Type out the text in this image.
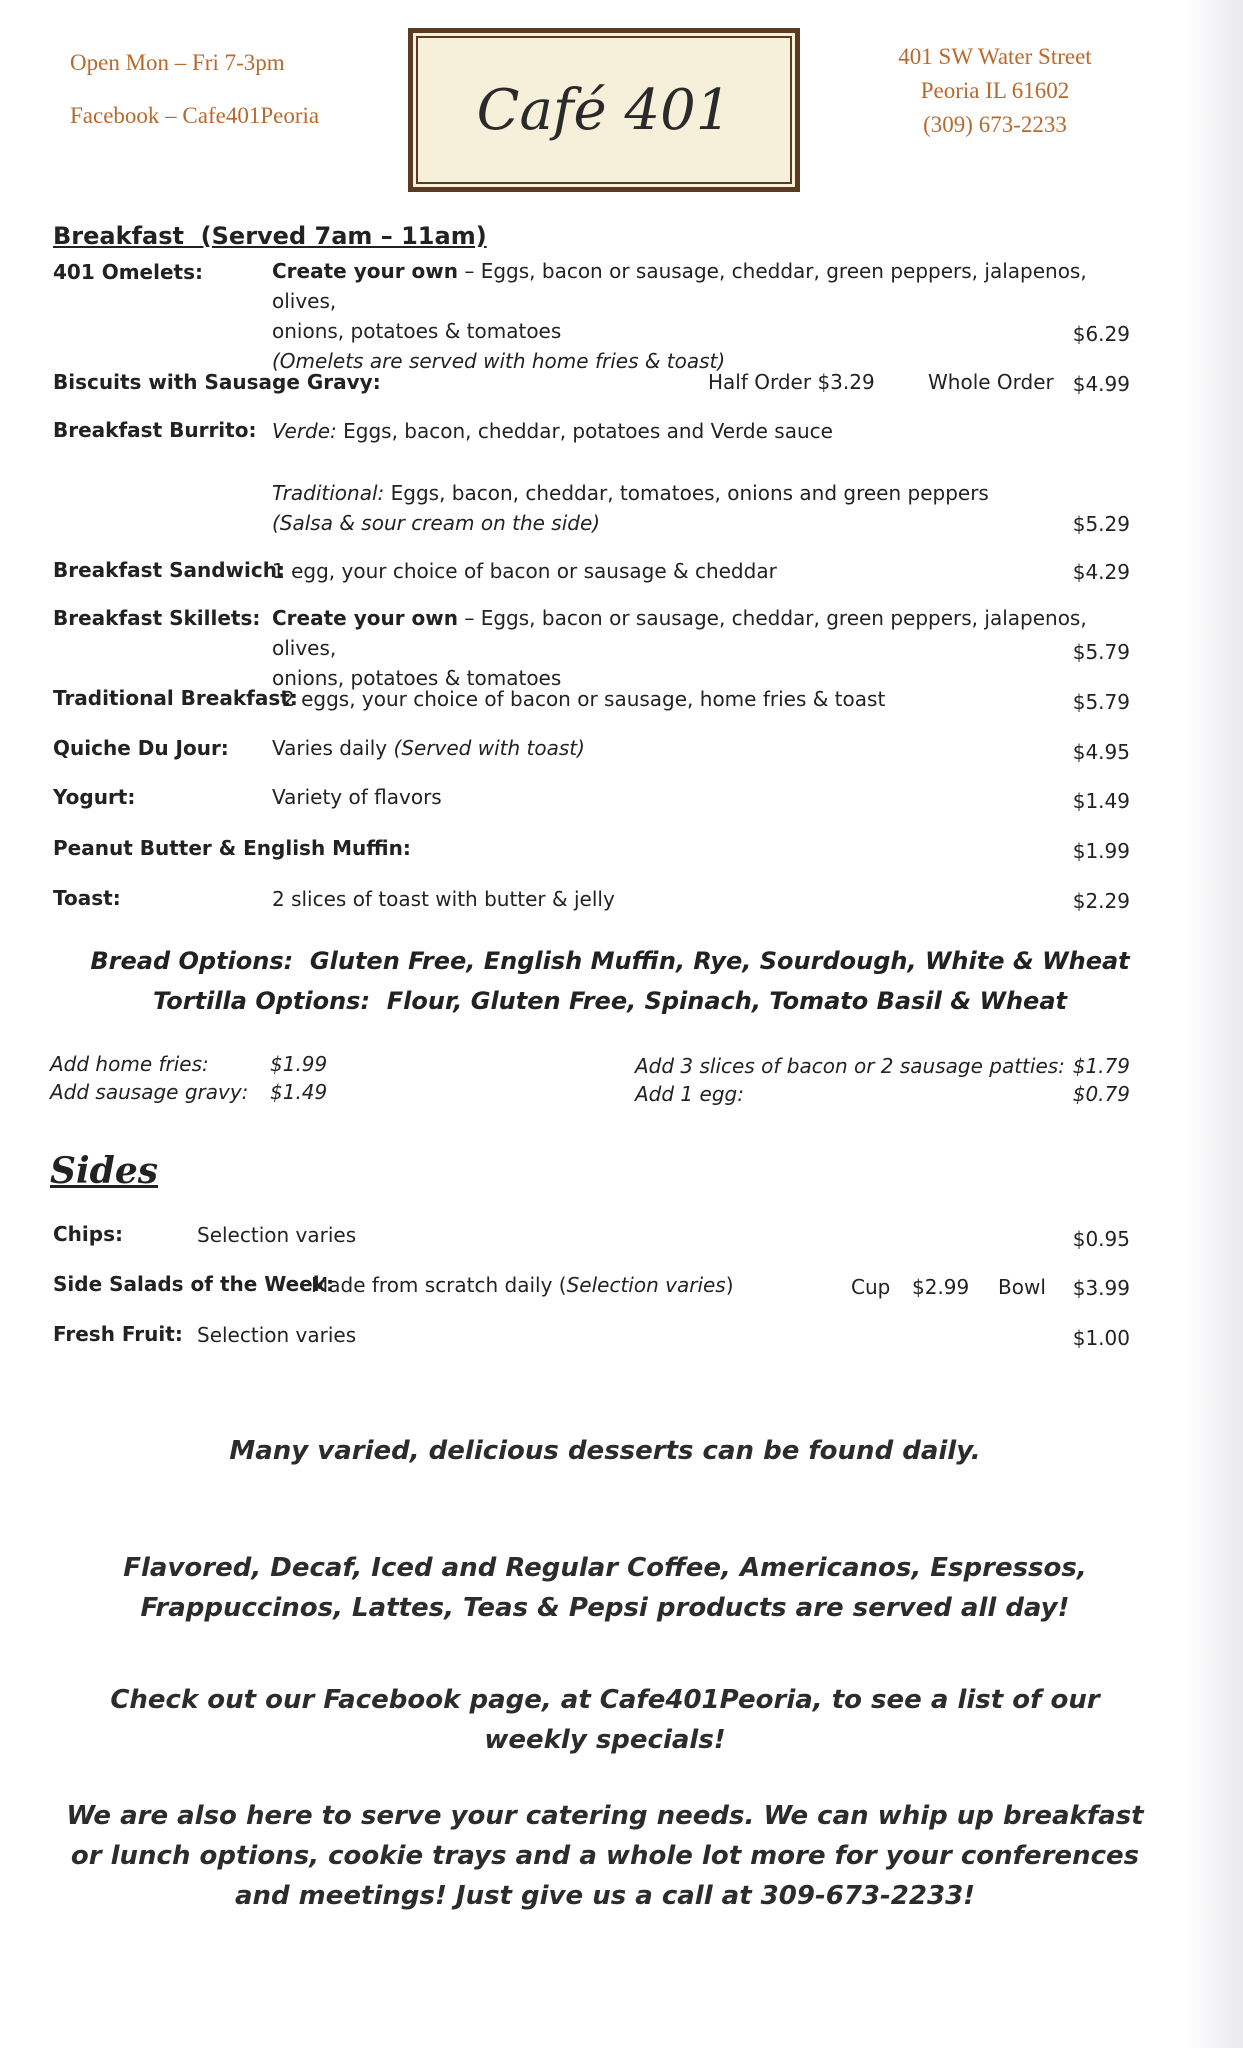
Open Mon – Fri 7-3pm
Facebook – Cafe401Peoria	Café 401
401 SW Water Street
Peoria IL 61602
(309) 673-2233
Breakfast  (Served 7am – 11am)
401 Omelets:	Create your own – Eggs, bacon or sausage, cheddar, green peppers, jalapenos, olives,
onions, potatoes & tomatoes
(Omelets are served with home fries & toast)
$6.29
Biscuits with Sausage Gravy:	Half Order $3.29	Whole Order $4.99
Breakfast Burrito: Verde: Eggs, bacon, cheddar, potatoes and Verde sauce
Traditional: Eggs, bacon, cheddar, tomatoes, onions and green peppers
(Salsa & sour cream on the side)	$5.29
Breakfast Sandwich:
1 egg, your choice of bacon or sausage & cheddar	$4.29
Breakfast Skillets: Create your own – Eggs, bacon or sausage, cheddar, green peppers, jalapenos, olives,
onions, potatoes & tomatoes
$5.79
Traditional Breakfast:
2 eggs, your choice of bacon or sausage, home fries & toast	$5.79
Quiche Du Jour: Varies daily (Served with toast)	$4.95
Yogurt:	Variety of flavors	$1.49
Peanut Butter & English Muffin:	$1.99
Toast:	2 slices of toast with butter & jelly	$2.29
Bread Options:  Gluten Free, English Muffin, Rye, Sourdough, White & Wheat
Tortilla Options:  Flour, Gluten Free, Spinach, Tomato Basil & Wheat
Add home fries:	$1.99
Add sausage gravy: $1.49
Add 3 slices of bacon or 2 sausage patties: $1.79
Add 1 egg:	$0.79
Sides
Chips:	Selection varies	$0.95
Side Salads of the Week:
Made from scratch daily (Selection varies)	Cup $2.99 Bowl	$3.99
Fresh Fruit: Selection varies	$1.00
Many varied, delicious desserts can be found daily.
Flavored, Decaf, Iced and Regular Coffee, Americanos, Espressos, Frappuccinos, Lattes, Teas & Pepsi products are served all day!
Check out our Facebook page, at Cafe401Peoria, to see a list of our weekly specials!
We are also here to serve your catering needs. We can whip up breakfast or lunch options, cookie trays and a whole lot more for your conferences and meetings! Just give us a call at 309-673-2233!
